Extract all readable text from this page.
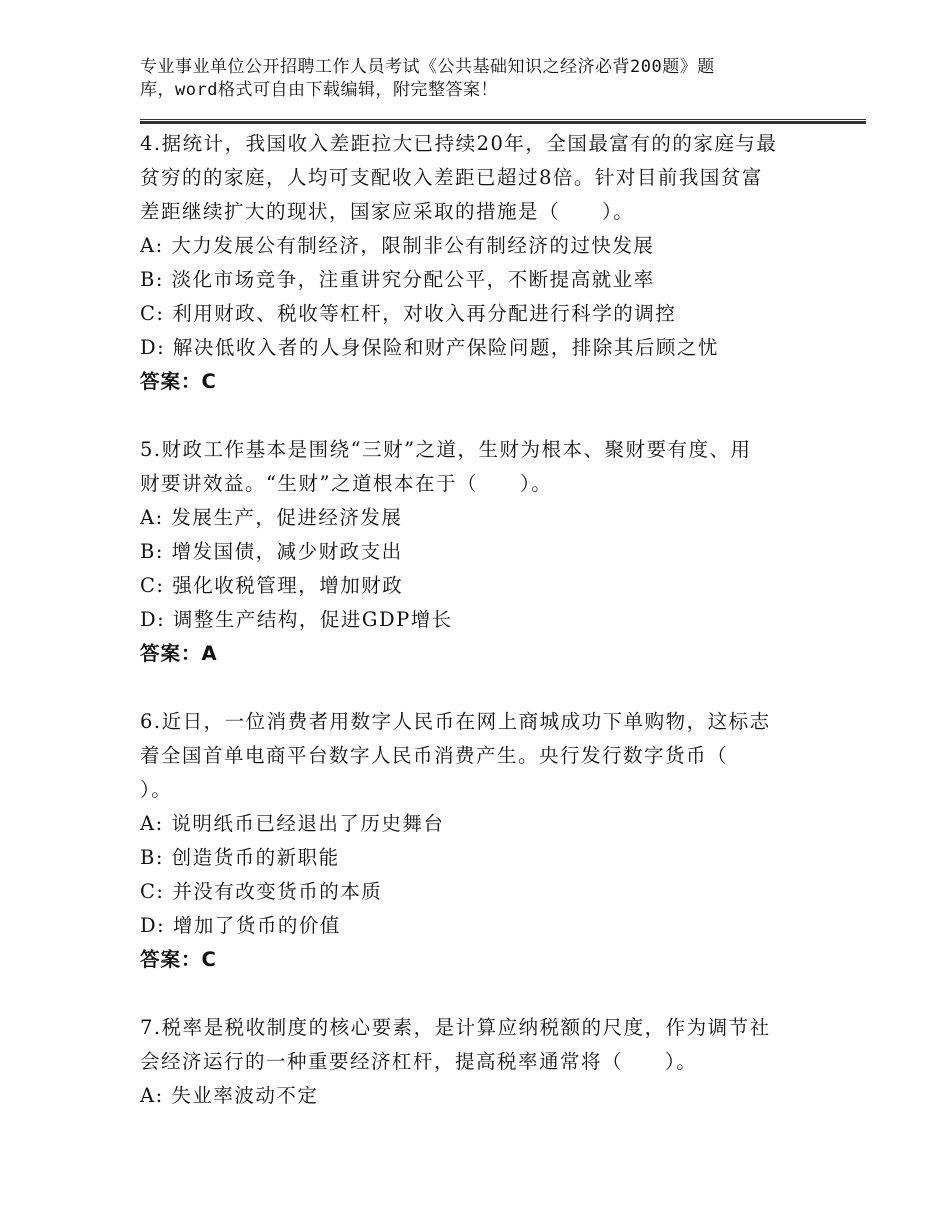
专业事业单位公开招聘工作人员考试《公共基础知识之经济必背200题》题
库，word格式可自由下载编辑，附完整答案！
4.据统计，我国收入差距拉大已持续20年，全国最富有的的家庭与最
贫穷的的家庭，人均可支配收入差距已超过8倍。针对目前我国贫富
差距继续扩大的现状，国家应采取的措施是（　　）。
A: 大力发展公有制经济，限制非公有制经济的过快发展
B: 淡化市场竞争，注重讲究分配公平，不断提高就业率
C: 利用财政、税收等杠杆，对收入再分配进行科学的调控
D: 解决低收入者的人身保险和财产保险问题，排除其后顾之忧
答案：C
5.财政工作基本是围绕“三财”之道，生财为根本、聚财要有度、用
财要讲效益。“生财”之道根本在于（　　）。
A: 发展生产，促进经济发展
B: 增发国债，减少财政支出
C: 强化收税管理，增加财政
D: 调整生产结构，促进GDP增长
答案：A
6.近日，一位消费者用数字人民币在网上商城成功下单购物，这标志
着全国首单电商平台数字人民币消费产生。央行发行数字货币（
）。
A: 说明纸币已经退出了历史舞台
B: 创造货币的新职能
C: 并没有改变货币的本质
D: 增加了货币的价值
答案：C
7.税率是税收制度的核心要素，是计算应纳税额的尺度，作为调节社
会经济运行的一种重要经济杠杆，提高税率通常将（　　）。
A: 失业率波动不定
